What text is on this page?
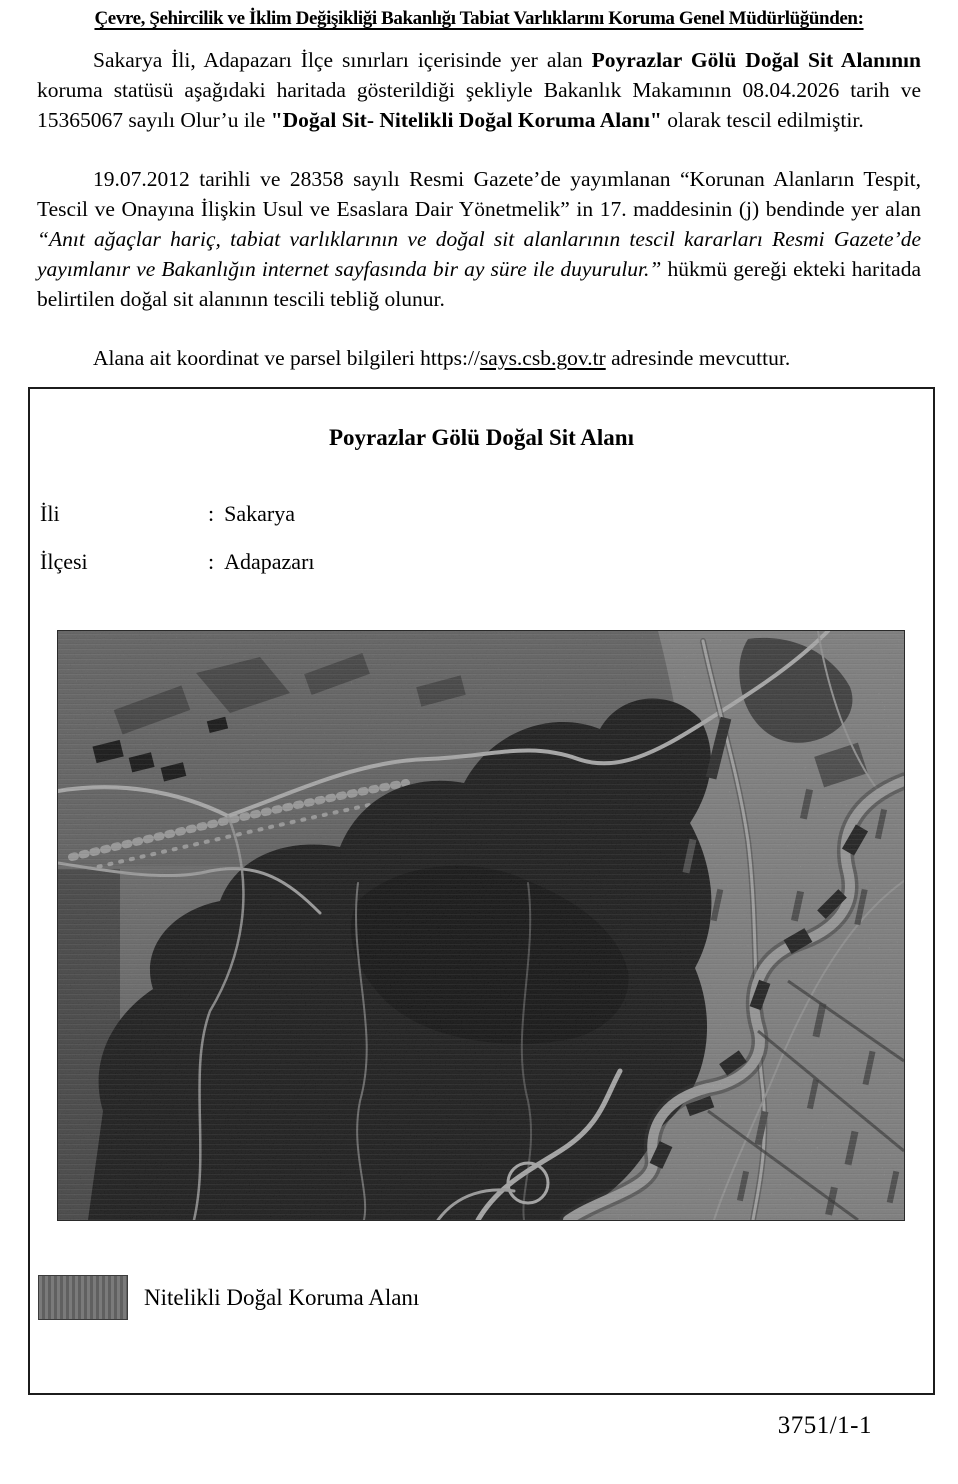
Çevre, Şehircilik ve İklim Değişikliği Bakanlığı Tabiat Varlıklarını Koruma Genel Müdürlüğünden:

Sakarya İli, Adapazarı İlçe sınırları içerisinde yer alan Poyrazlar Gölü Doğal Sit Alanının koruma statüsü aşağıdaki haritada gösterildiği şekliyle Bakanlık Makamının 08.04.2026 tarih ve 15365067 sayılı Olur’u ile "Doğal Sit- Nitelikli Doğal Koruma Alanı" olarak tescil edilmiştir.

19.07.2012 tarihli ve 28358 sayılı Resmi Gazete’de yayımlanan “Korunan Alanların Tespit, Tescil ve Onayına İlişkin Usul ve Esaslara Dair Yönetmelik” in 17. maddesinin (j) bendinde yer alan “Anıt ağaçlar hariç, tabiat varlıklarının ve doğal sit alanlarının tescil kararları Resmi Gazete’de yayımlanır ve Bakanlığın internet sayfasında bir ay süre ile duyurulur.” hükmü gereği ekteki haritada belirtilen doğal sit alanının tescili tebliğ olunur.

Alana ait koordinat ve parsel bilgileri https://says.csb.gov.tr adresinde mevcuttur.

Poyrazlar Gölü Doğal Sit Alanı
İli	: Sakarya
İlçesi	: Adapazarı
Nitelikli Doğal Koruma Alanı
3751/1-1
